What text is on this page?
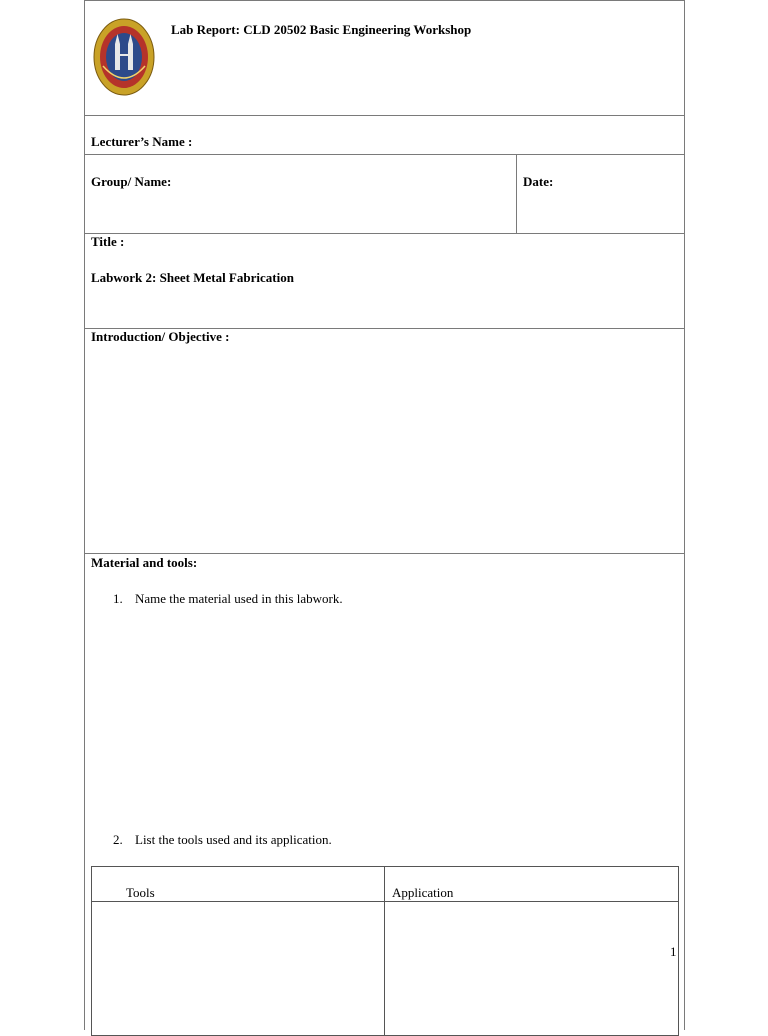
Lab Report: CLD 20502 Basic Engineering Workshop
Lecturer’s Name :
Group/ Name:	Date:
Title :
Labwork 2: Sheet Metal Fabrication
Introduction/ Objective :
Material and tools:
1. Name the material used in this labwork.
2. List the tools used and its application.
Tools	Application
1
